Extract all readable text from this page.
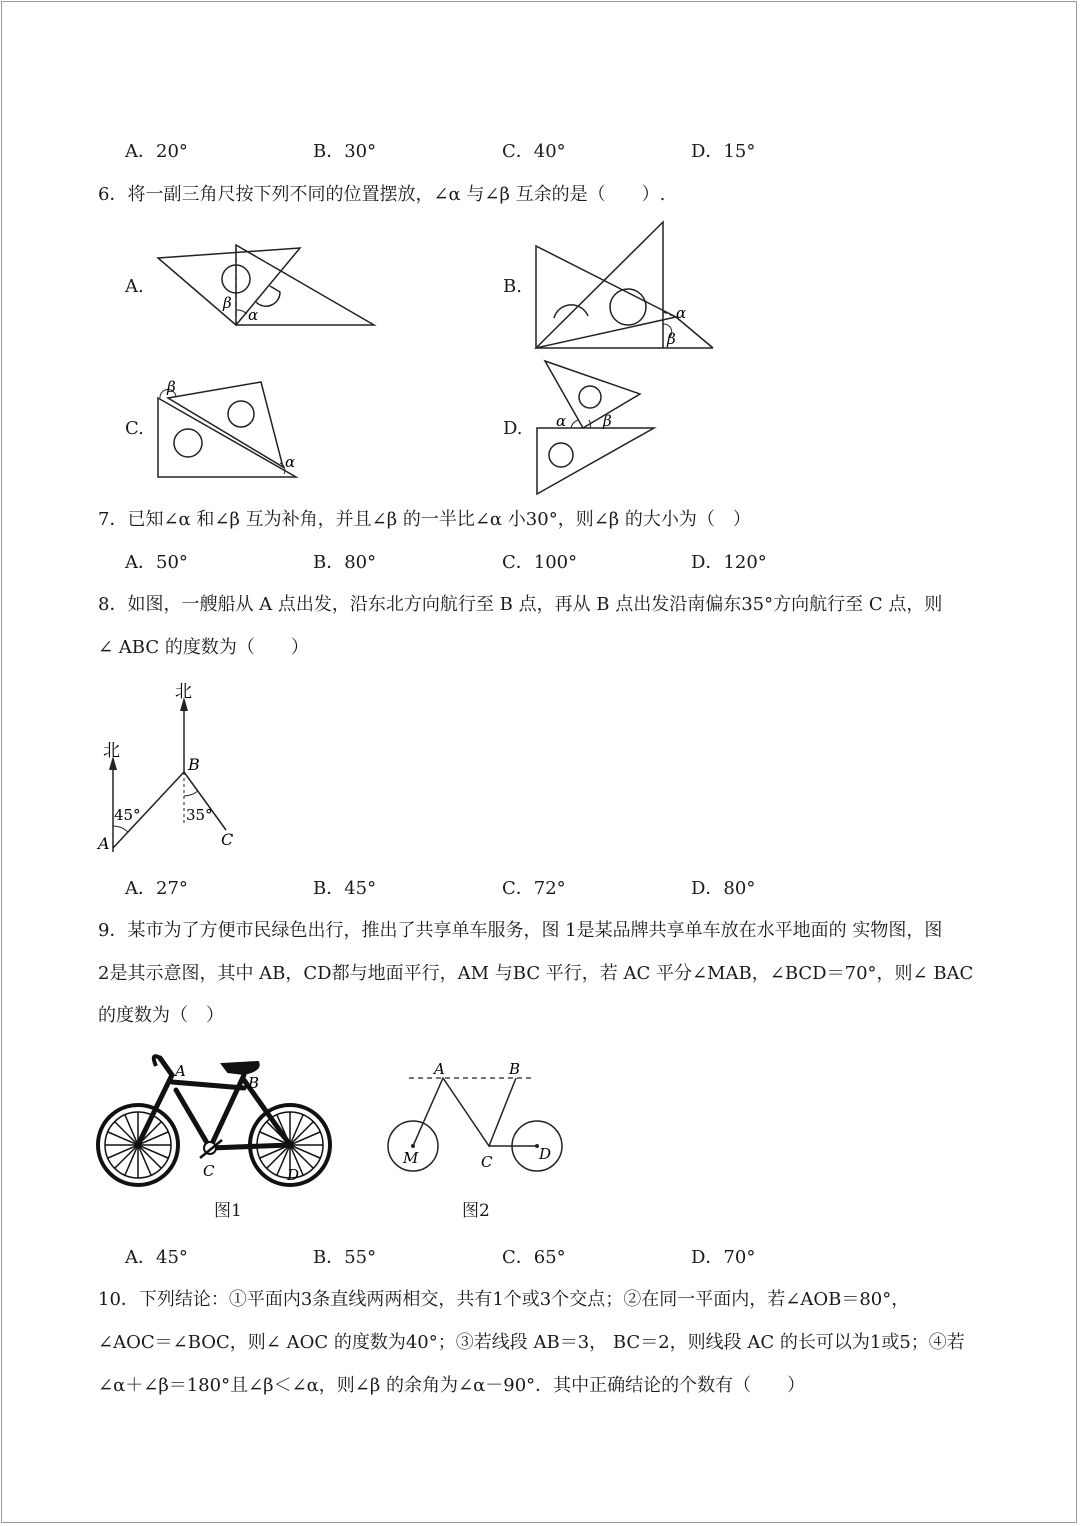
A．20°	B．30°	C．40°	D．15°
6．将一副三角尺按下列不同的位置摆放，∠α 与∠β 互余的是（　　）.
A.	B.
C.	D.
β
α	α
β
β
α
α β
7．已知∠α 和∠β 互为补角，并且∠β 的一半比∠α 小30°，则∠β 的大小为（　）
A．50°	B．80°	C．100°	D．120°
8．如图，一艘船从 A 点出发，沿东北方向航行至 B 点，再从 B 点出发沿南偏东35°方向航行至 C 点，则
∠ ABC 的度数为（　　）
北
北
B
A	C
45°	35°
A．27°	B．45°	C．72°	D．80°
9．某市为了方便市民绿色出行，推出了共享单车服务，图 1是某品牌共享单车放在水平地面的 实物图，图
2是其示意图，其中 AB，CD都与地面平行，AM 与BC 平行，若 AC 平分∠MAB，∠BCD＝70°，则∠ BAC
的度数为（　）
A
B
C	D
A	B
M	C	D
图1	图2
A．45°	B．55°	C．65°	D．70°
10．下列结论：①平面内3条直线两两相交，共有1个或3个交点；②在同一平面内，若∠AOB＝80°，
∠AOC＝∠BOC，则∠ AOC 的度数为40°；③若线段 AB＝3， BC＝2，则线段 AC 的长可以为1或5；④若
∠α＋∠β＝180°且∠β＜∠α，则∠β 的余角为∠α－90°．其中正确结论的个数有（　　）
